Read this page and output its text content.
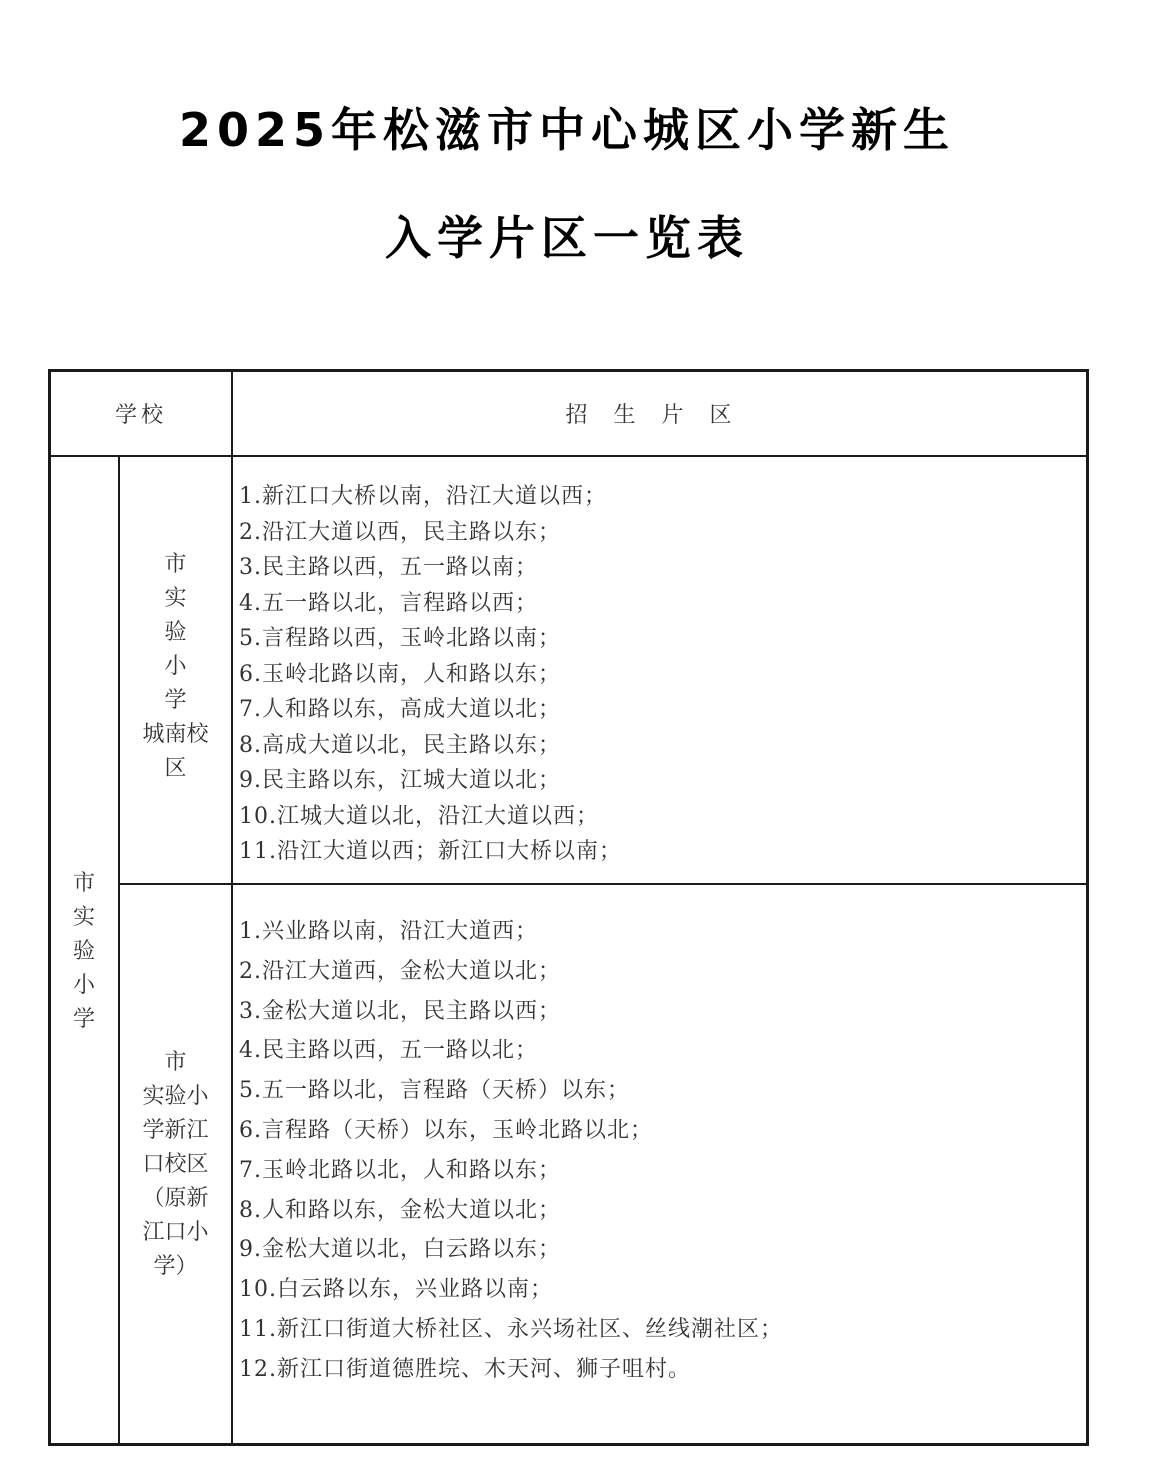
2025年松滋市中心城区小学新生
入学片区一览表
学校	招生片区
市实验小学
市
实
验
小
学
城南校
区
1.新江口大桥以南，沿江大道以西；
2.沿江大道以西，民主路以东；
3.民主路以西，五一路以南；
4.五一路以北，言程路以西；
5.言程路以西，玉岭北路以南；
6.玉岭北路以南，人和路以东；
7.人和路以东，高成大道以北；
8.高成大道以北，民主路以东；
9.民主路以东，江城大道以北；
10.江城大道以北，沿江大道以西；
11.沿江大道以西；新江口大桥以南；
市
实验小
学新江
口校区
（原新
江口小
学）
1.兴业路以南，沿江大道西；
2.沿江大道西，金松大道以北；
3.金松大道以北，民主路以西；
4.民主路以西，五一路以北；
5.五一路以北，言程路（天桥）以东；
6.言程路（天桥）以东，玉岭北路以北；
7.玉岭北路以北，人和路以东；
8.人和路以东，金松大道以北；
9.金松大道以北，白云路以东；
10.白云路以东，兴业路以南；
11.新江口街道大桥社区、永兴场社区、丝线潮社区；
12.新江口街道德胜垸、木天河、狮子咀村。
